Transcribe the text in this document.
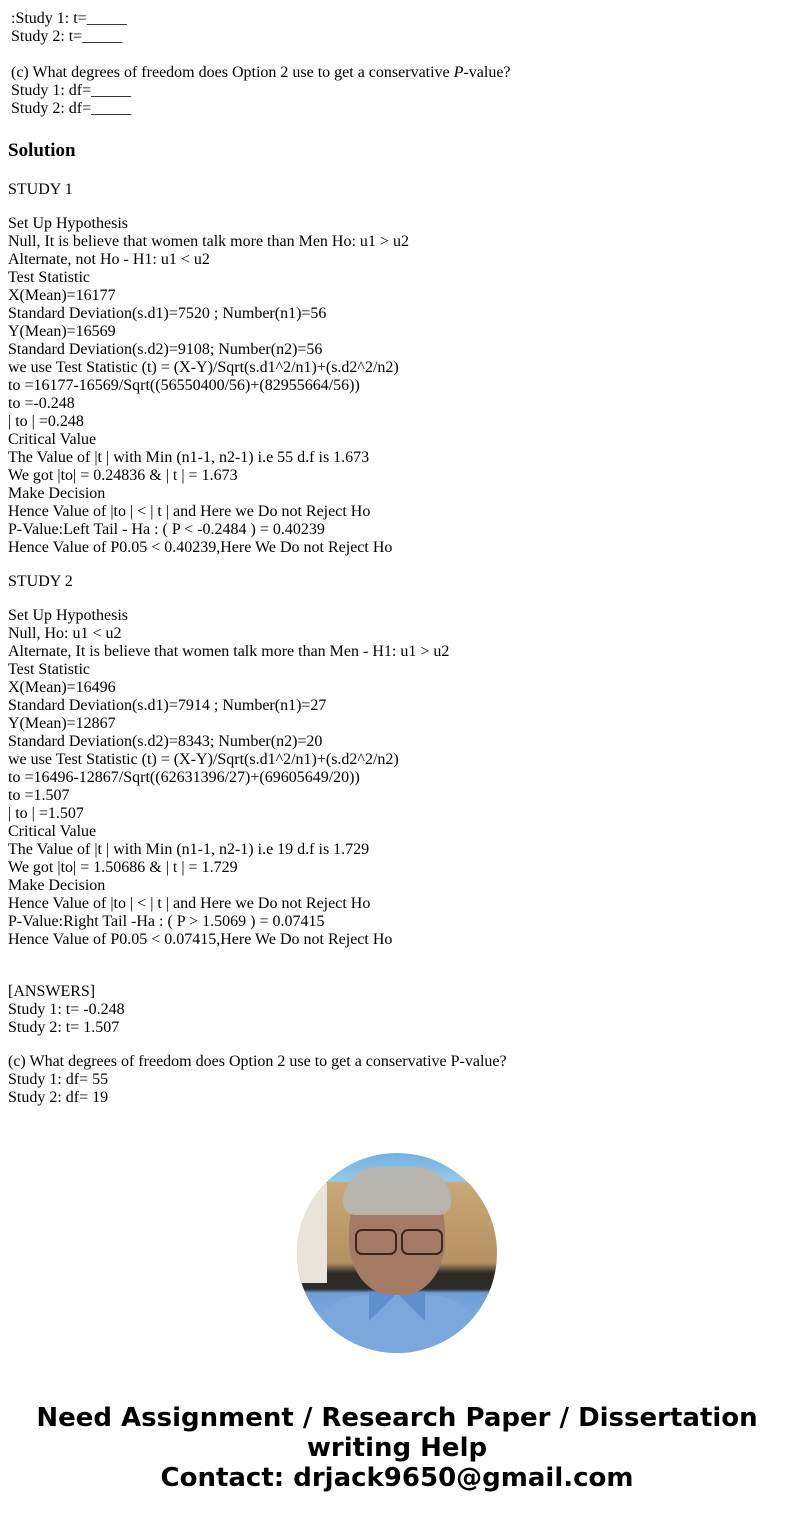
:Study 1: t=_____
Study 2: t=_____
(c) What degrees of freedom does Option 2 use to get a conservative P-value?
Study 1: df=_____
Study 2: df=_____
Solution
STUDY 1
Set Up Hypothesis
Null, It is believe that women talk more than Men Ho: u1 > u2
Alternate, not Ho - H1: u1 < u2
Test Statistic
X(Mean)=16177
Standard Deviation(s.d1)=7520 ; Number(n1)=56
Y(Mean)=16569
Standard Deviation(s.d2)=9108; Number(n2)=56
we use Test Statistic (t) = (X-Y)/Sqrt(s.d1^2/n1)+(s.d2^2/n2)
to =16177-16569/Sqrt((56550400/56)+(82955664/56))
to =-0.248
| to | =0.248
Critical Value
The Value of |t | with Min (n1-1, n2-1) i.e 55 d.f is 1.673
We got |to| = 0.24836 & | t | = 1.673
Make Decision
Hence Value of |to | < | t | and Here we Do not Reject Ho
P-Value:Left Tail - Ha : ( P < -0.2484 ) = 0.40239
Hence Value of P0.05 < 0.40239,Here We Do not Reject Ho
STUDY 2
Set Up Hypothesis
Null, Ho: u1 < u2
Alternate, It is believe that women talk more than Men - H1: u1 > u2
Test Statistic
X(Mean)=16496
Standard Deviation(s.d1)=7914 ; Number(n1)=27
Y(Mean)=12867
Standard Deviation(s.d2)=8343; Number(n2)=20
we use Test Statistic (t) = (X-Y)/Sqrt(s.d1^2/n1)+(s.d2^2/n2)
to =16496-12867/Sqrt((62631396/27)+(69605649/20))
to =1.507
| to | =1.507
Critical Value
The Value of |t | with Min (n1-1, n2-1) i.e 19 d.f is 1.729
We got |to| = 1.50686 & | t | = 1.729
Make Decision
Hence Value of |to | < | t | and Here we Do not Reject Ho
P-Value:Right Tail -Ha : ( P > 1.5069 ) = 0.07415
Hence Value of P0.05 < 0.07415,Here We Do not Reject Ho
[ANSWERS]
Study 1: t= -0.248
Study 2: t= 1.507
(c) What degrees of freedom does Option 2 use to get a conservative P-value?
Study 1: df= 55
Study 2: df= 19
Need Assignment / Research Paper / Dissertation
writing Help
Contact: drjack9650@gmail.com
